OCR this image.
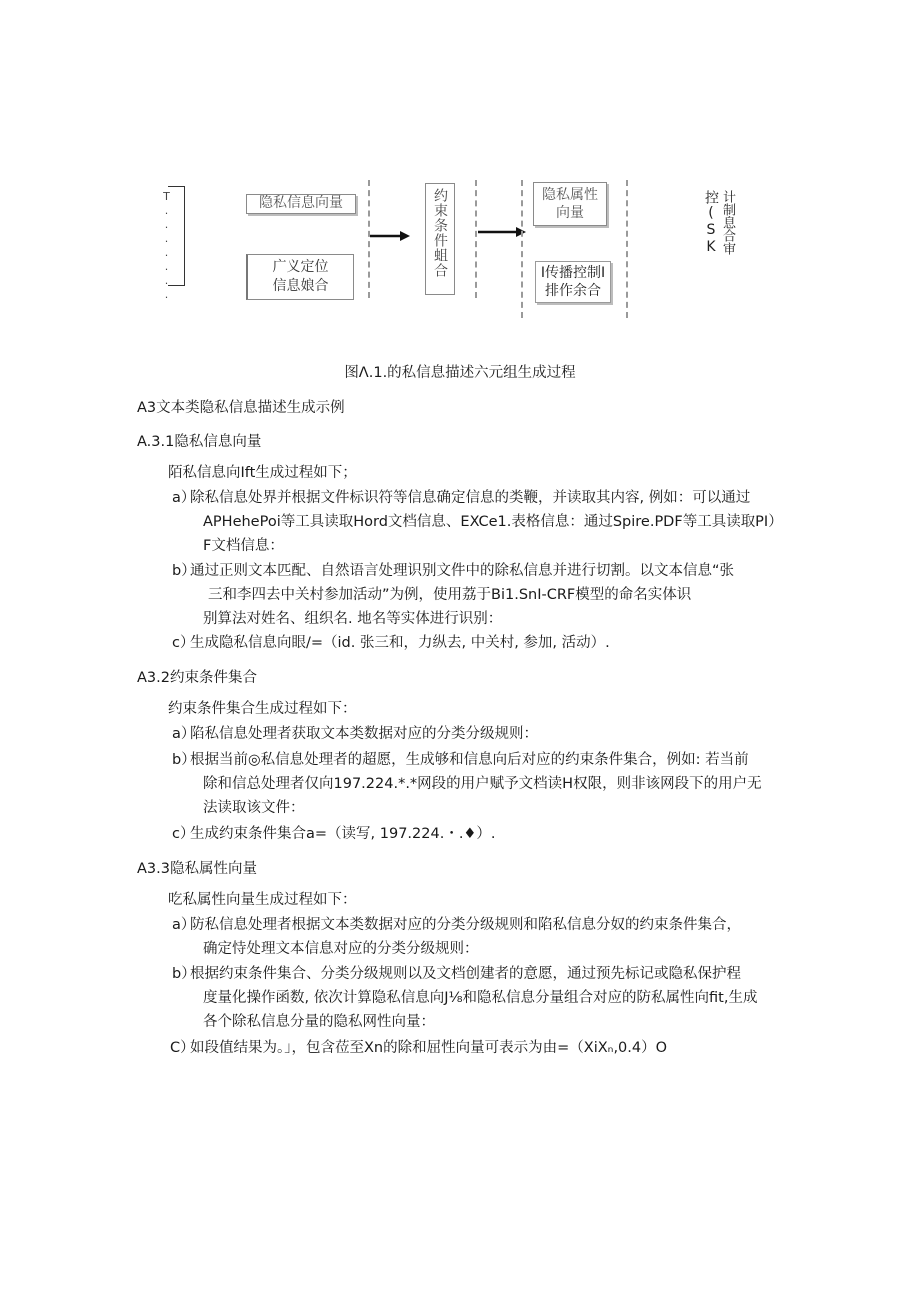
T.......	隐私信息向量
广义定位
信息娘合
约束条件蛆合	隐私属性
向量
I传播控制I
排作余合
控(SK 计制息合审
图Λ.1.的私信息描述六元组生成过程
A3文本类隐私信息描述生成示例
A.3.1隐私信息向量
陌私信息向Ift生成过程如下；
a）
除私信息处界并根据文件标识符等信息确定信息的类鞭，并读取其内容, 例如：可以通过
APHehePoi等工具读取Hord文档信息、EXCe1.表格信息：通过Spire.PDF等工具读取PI）
F文档信息：
b）
通过正则文本匹配、自然语言处理识别文件中的除私信息并进行切割。以文本信息“张
三和李四去中关村参加活动”为例，使用荔于Bi1.SnI-CRF模型的命名实体识
别算法对姓名、组织名. 地名等实体进行识别：
c）
生成隐私信息向眼/=（id. 张三和，力纵去, 中关村, 参加, 活动）.
A3.2约束条件集合
约束条件集合生成过程如下：
a）
陷私信息处理者获取文本类数据对应的分类分级规则：
b）
根据当前◎私信息处理者的超愿，生成够和信息向后对应的约束条件集合，例如: 若当前
除和信总处理者仅向197.224.*.*网段的用户赋予文档读H权限，则非该网段下的用户无
法读取该文件：
c）
生成约束条件集合a=（读写, 197.224.・.♦）.
A3.3隐私属性向量
吃私属性向量生成过程如下：
a）
防私信息处理者根据文本类数据对应的分类分级规则和陷私信息分奴的约束条件集合，
确定恃处理文本信息对应的分类分级规则：
b）
根据约束条件集合、分类分级规则以及文档创建者的意愿，通过预先标记或隐私保护程
度量化操作函数, 依次计算隐私信息向J⅛和隐私信息分量组合对应的防私属性向fit,生成
各个除私信息分量的隐私网性向量：
C）
如段值结果为。」，包含莅至Xn的除和屈性向量可表示为由=（XiXₙ,0.4）O
